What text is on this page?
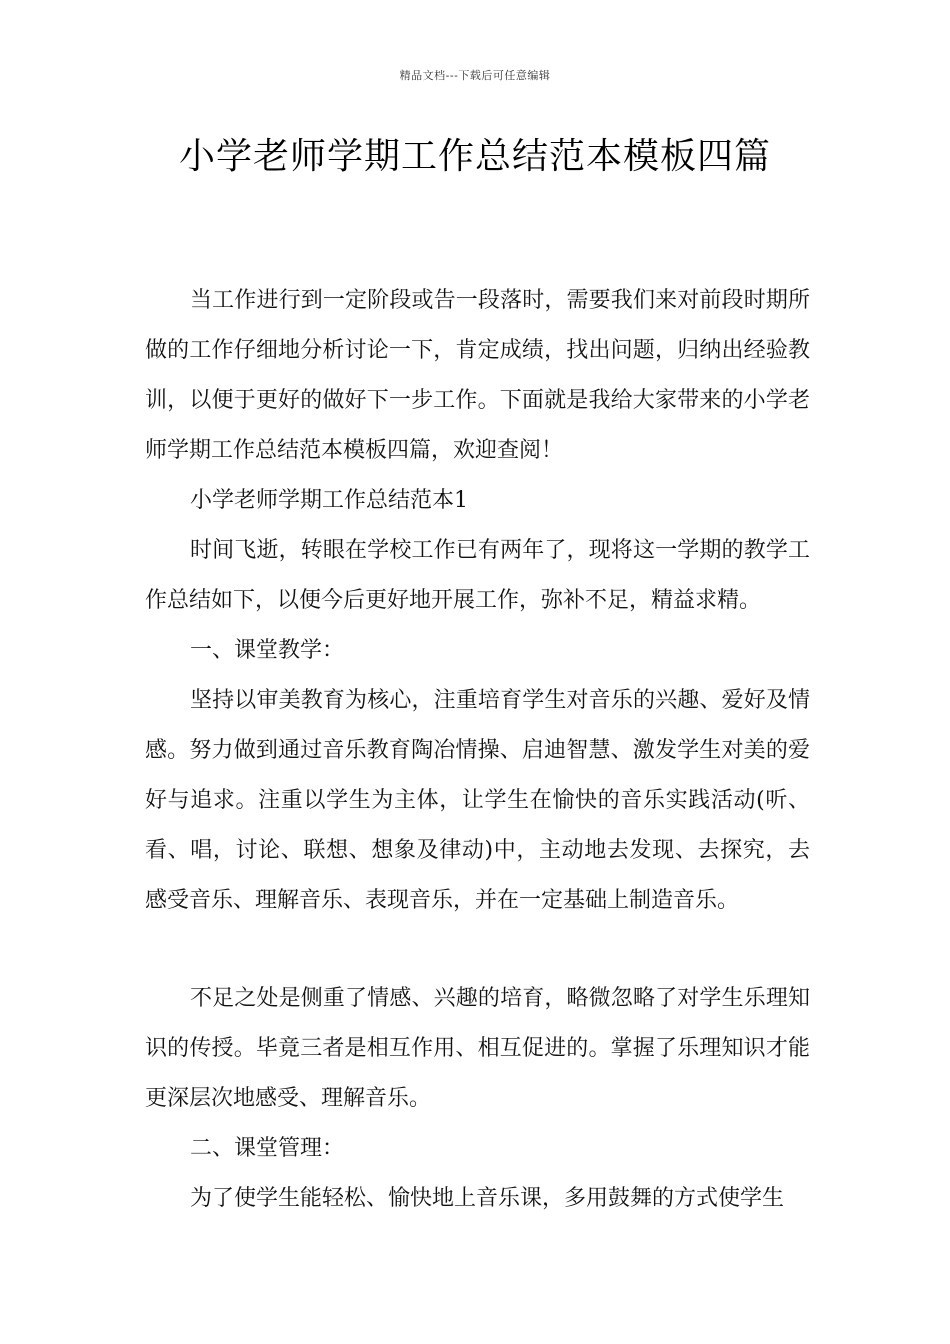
精品文档---下载后可任意编辑
小学老师学期工作总结范本模板四篇

当工作进行到一定阶段或告一段落时，需要我们来对前段时期所做的工作仔细地分析讨论一下，肯定成绩，找出问题，归纳出经验教训，以便于更好的做好下一步工作。下面就是我给大家带来的小学老师学期工作总结范本模板四篇，欢迎查阅！

小学老师学期工作总结范本1

时间飞逝，转眼在学校工作已有两年了，现将这一学期的教学工作总结如下，以便今后更好地开展工作，弥补不足，精益求精。

一、课堂教学：

坚持以审美教育为核心，注重培育学生对音乐的兴趣、爱好及情感。努力做到通过音乐教育陶冶情操、启迪智慧、激发学生对美的爱好与追求。注重以学生为主体，让学生在愉快的音乐实践活动(听、看、唱，讨论、联想、想象及律动)中，主动地去发现、去探究，去感受音乐、理解音乐、表现音乐，并在一定基础上制造音乐。

不足之处是侧重了情感、兴趣的培育，略微忽略了对学生乐理知识的传授。毕竟三者是相互作用、相互促进的。掌握了乐理知识才能更深层次地感受、理解音乐。

二、课堂管理：

为了使学生能轻松、愉快地上音乐课，多用鼓舞的方式使学生
